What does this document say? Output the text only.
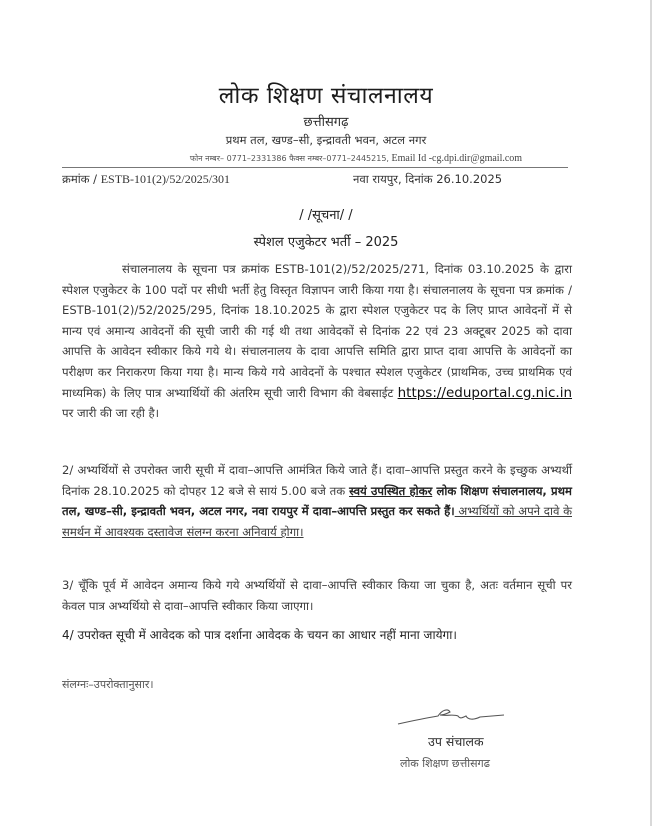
लोक शिक्षण संचालनालय
छत्तीसगढ़
प्रथम तल, खण्ड–सी, इन्द्रावती भवन, अटल नगर
फोन नम्बर– 0771–2331386 फैक्स नम्बर–0771–2445215, Email Id -cg.dpi.dir@gmail.com
क्रमांक / ESTB-101(2)/52/2025/301	नवा रायपुर, दिनांक 26.10.2025
/ /सूचना/ /
स्पेशल एजुकेटर भर्ती – 2025
संचालनालय के सूचना पत्र क्रमांक ESTB-101(2)/52/2025/271, दिनांक 03.10.2025 के द्वारा स्पेशल एजुकेटर के 100 पदों पर सीधी भर्ती हेतु विस्तृत विज्ञापन जारी किया गया है। संचालनालय के सूचना पत्र क्रमांक / ESTB-101(2)/52/2025/295, दिनांक 18.10.2025 के द्वारा स्पेशल एजुकेटर पद के लिए प्राप्त आवेदनों में से मान्य एवं अमान्य आवेदनों की सूची जारी की गई थी तथा आवेदकों से दिनांक 22 एवं 23 अक्टूबर 2025 को दावा आपत्ति के आवेदन स्वीकार किये गये थे। संचालनालय के दावा आपत्ति समिति द्वारा प्राप्त दावा आपत्ति के आवेदनों का परीक्षण कर निराकरण किया गया है। मान्य किये गये आवेदनों के पश्चात स्पेशल एजुकेटर (प्राथमिक, उच्च प्राथमिक एवं माध्यमिक) के लिए पात्र अभ्यार्थियों की अंतरिम सूची जारी विभाग की वेबसाईट https://eduportal.cg.nic.in पर जारी की जा रही है।
2/ अभ्यर्थियों से उपरोक्त जारी सूची में दावा–आपत्ति आमंत्रित किये जाते हैं। दावा–आपत्ति प्रस्तुत करने के इच्छुक अभ्यर्थी दिनांक 28.10.2025 को दोपहर 12 बजे से सायं 5.00 बजे तक स्वयं उपस्थित होकर लोक शिक्षण संचालनालय, प्रथम तल, खण्ड–सी, इन्द्रावती भवन, अटल नगर, नवा रायपुर में दावा–आपत्ति प्रस्तुत कर सकते हैं। अभ्यर्थियों को अपने दावे के समर्थन में आवश्यक दस्तावेज संलग्न करना अनिवार्य होगा।
3/ चूँकि पूर्व में आवेदन अमान्य किये गये अभ्यर्थियों से दावा–आपत्ति स्वीकार किया जा चुका है, अतः वर्तमान सूची पर केवल पात्र अभ्यर्थियो से दावा–आपत्ति स्वीकार किया जाएगा।
4/ उपरोक्त सूची में आवेदक को पात्र दर्शाना आवेदक के चयन का आधार नहीं माना जायेगा।
संलग्नः–उपरोक्तानुसार।
उप संचालक
लोक शिक्षण छत्तीसगढ
